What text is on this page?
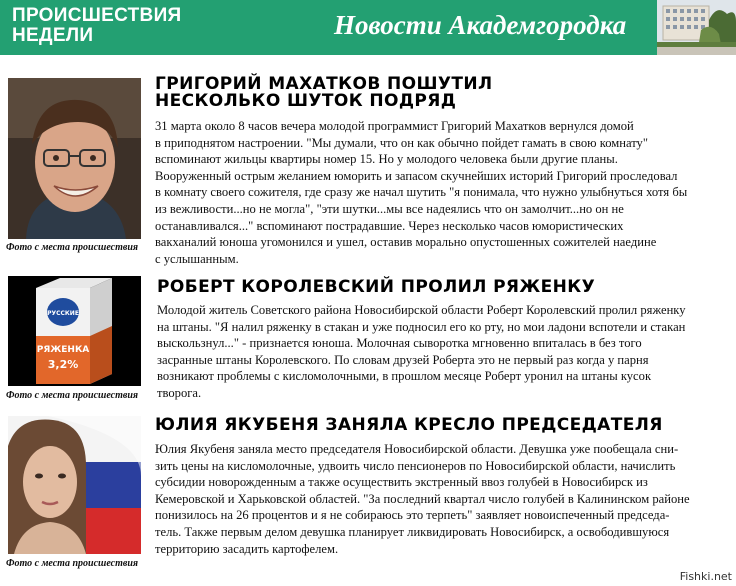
ПРОИСШЕСТВИЯ
НЕДЕЛИ	Новости Академгородка
Фото с места происшествия
ГРИГОРИЙ МАХАТКОВ ПОШУТИЛ
НЕСКОЛЬКО ШУТОК ПОДРЯД
31 марта около 8 часов вечера молодой программист Григорий Махатков вернулся домой
в приподнятом настроении. "Мы думали, что он как обычно пойдет гамать в свою комнату"
вспоминают жильцы квартиры номер 15. Но у молодого человека были другие планы.
Вооруженный острым желанием юморить и запасом скучнейших историй Григорий проследовал
в комнату своего сожителя, где сразу же начал шутить "я понимала, что нужно улыбнуться хотя бы
из вежливости...но не могла", "эти шутки...мы все надеялись что он замолчит...но он не
останавливался..." вспоминают пострадавшие. Через несколько часов юмористических
вакханалий юноша угомонился и ушел, оставив морально опустошенных сожителей наедине
с услышанным.
РУССКИЕ
РЯЖЕНКА
3,2%
Фото с места происшествия
РОБЕРТ КОРОЛЕВСКИЙ ПРОЛИЛ РЯЖЕНКУ
Молодой житель Советского района Новосибирской области Роберт Королевский пролил ряженку
на штаны. "Я налил ряженку в стакан и уже подносил его ко рту, но мои ладони вспотели и стакан
выскользнул..." - признается юноша. Молочная сыворотка мгновенно впиталась в без того
засранные штаны Королевского. По словам друзей Роберта это не первый раз когда у парня
возникают проблемы с кисломолочными, в прошлом месяце Роберт уронил на штаны кусок
творога.
Фото с места происшествия
ЮЛИЯ ЯКУБЕНЯ ЗАНЯЛА КРЕСЛО ПРЕДСЕДАТЕЛЯ
Юлия Якубеня заняла место председателя Новосибирской области. Девушка уже пообещала сни-
зить цены на кисломолочные, удвоить число пенсионеров по Новосибирской области, начислить
субсидии новорожденным а также осуществить экстренный ввоз голубей в Новосибирск из
Кемеровской и Харьковской областей. "За последний квартал число голубей в Калининском районе
понизилось на 26 процентов и я не собираюсь это терпеть" заявляет новоиспеченный председа-
тель. Также первым делом девушка планирует ликвидировать Новосибирск, а освободившуюся
территорию засадить картофелем.
Fishki.net
